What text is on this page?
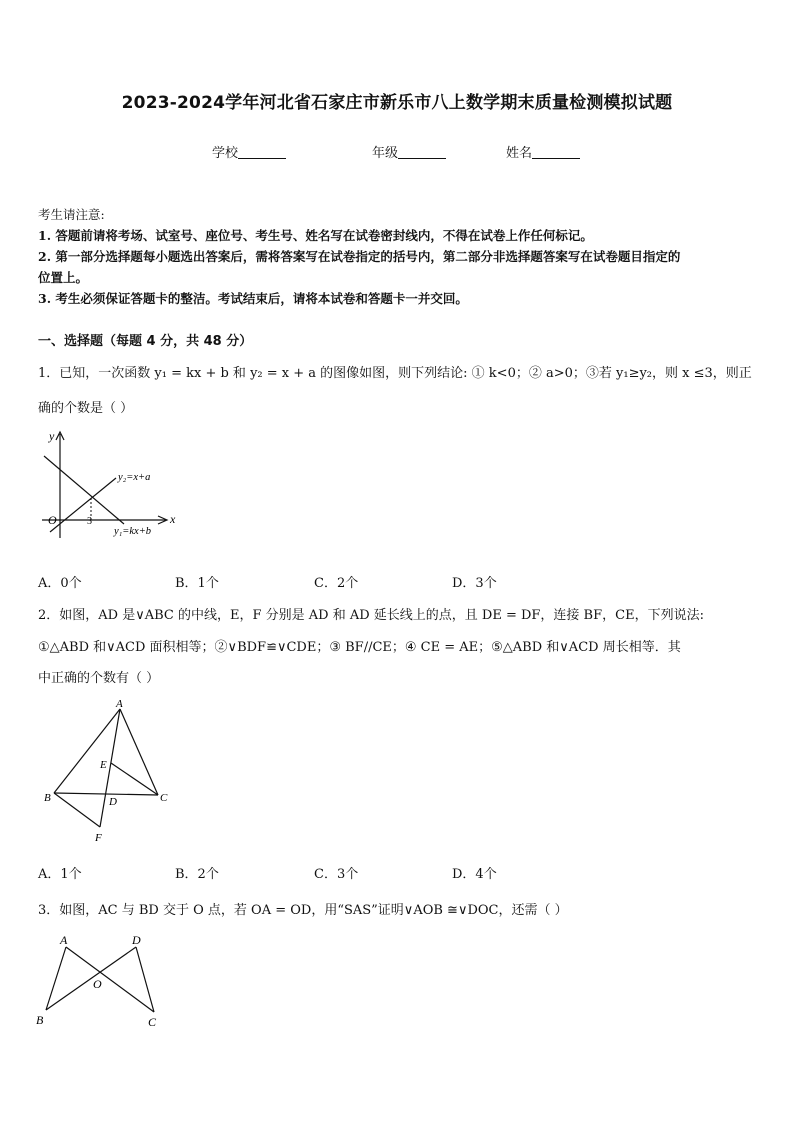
2023-2024学年河北省石家庄市新乐市八上数学期末质量检测模拟试题
学校	年级	姓名
考生请注意:
1. 答题前请将考场、试室号、座位号、考生号、姓名写在试卷密封线内，不得在试卷上作任何标记。
2. 第一部分选择题每小题选出答案后，需将答案写在试卷指定的括号内，第二部分非选择题答案写在试卷题目指定的
位置上。
3. 考生必须保证答题卡的整洁。考试结束后，请将本试卷和答题卡一并交回。
一、选择题（每题 4 分，共 48 分）
1．已知，一次函数 y₁ = kx + b 和 y₂ = x + a 的图像如图，则下列结论: ① k<0；② a>0；③若 y₁≥y₂，则 x ≤3，则正
确的个数是（ ）
y
x
O	3
y₂=x+a
y₁=kx+b
A．0个	B．1个	C．2个	D．3个
2．如图，AD 是∨ABC 的中线，E，F 分别是 AD 和 AD 延长线上的点，且 DE = DF，连接 BF，CE，下列说法:
①△ABD 和∨ACD 面积相等；②∨BDF≌∨CDE；③ BF//CE；④ CE = AE；⑤△ABD 和∨ACD 周长相等．其
中正确的个数有（ ）
A
E
B	D	C
F
A．1个	B．2个	C．3个	D．4个
3．如图，AC 与 BD 交于 O 点，若 OA = OD，用“SAS”证明∨AOB ≅∨DOC，还需（ ）
A	D
O
B	C
